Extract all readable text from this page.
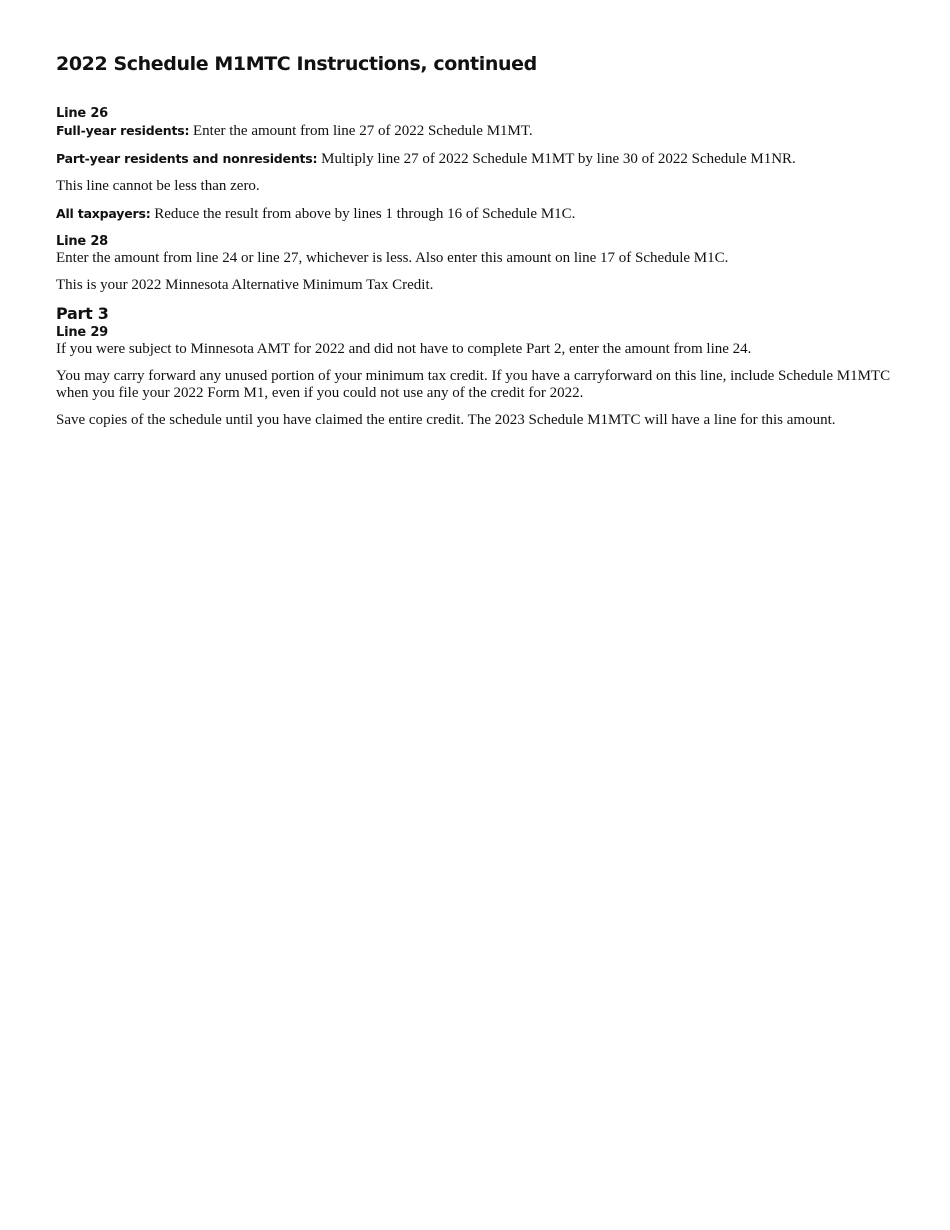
2022 Schedule M1MTC Instructions, continued
Line 26

Full-year residents: Enter the amount from line 27 of 2022 Schedule M1MT.

Part-year residents and nonresidents: Multiply line 27 of 2022 Schedule M1MT by line 30 of 2022 Schedule M1NR.

This line cannot be less than zero.

All taxpayers: Reduce the result from above by lines 1 through 16 of Schedule M1C.

Line 28

Enter the amount from line 24 or line 27, whichever is less. Also enter this amount on line 17 of Schedule M1C.

This is your 2022 Minnesota Alternative Minimum Tax Credit.

Part 3
Line 29

If you were subject to Minnesota AMT for 2022 and did not have to complete Part 2, enter the amount from line 24.

You may carry forward any unused portion of your minimum tax credit. If you have a carryforward on this line, include Schedule M1MTC when you file your 2022 Form M1, even if you could not use any of the credit for 2022.

Save copies of the schedule until you have claimed the entire credit. The 2023 Schedule M1MTC will have a line for this amount.
